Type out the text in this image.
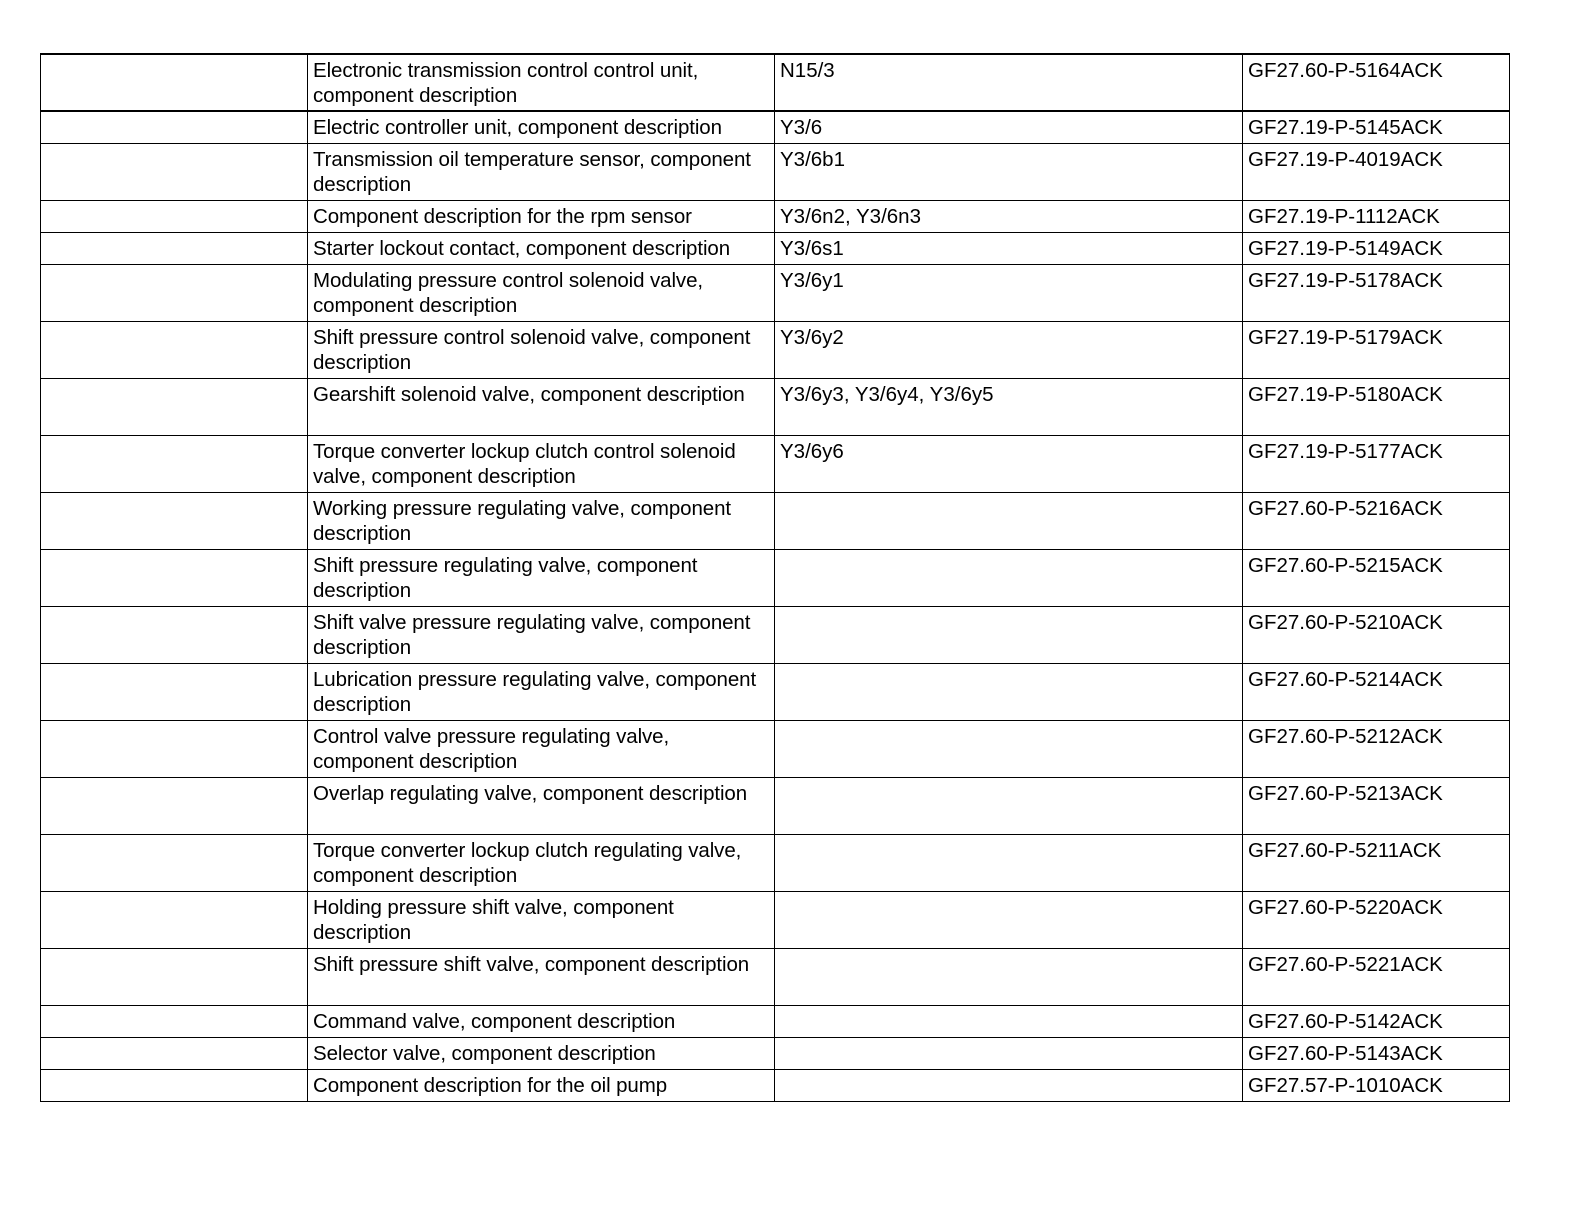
	Electronic transmission control control unit, component description	N15/3	GF27.60-P-5164ACK
	Electric controller unit, component description	Y3/6	GF27.19-P-5145ACK
	Transmission oil temperature sensor, component description	Y3/6b1	GF27.19-P-4019ACK
	Component description for the rpm sensor	Y3/6n2, Y3/6n3	GF27.19-P-1112ACK
	Starter lockout contact, component description	Y3/6s1	GF27.19-P-5149ACK
	Modulating pressure control solenoid valve, component description	Y3/6y1	GF27.19-P-5178ACK
	Shift pressure control solenoid valve, component description	Y3/6y2	GF27.19-P-5179ACK
	Gearshift solenoid valve, component description	Y3/6y3, Y3/6y4, Y3/6y5	GF27.19-P-5180ACK
	Torque converter lockup clutch control solenoid valve, component description	Y3/6y6	GF27.19-P-5177ACK
	Working pressure regulating valve, component description		GF27.60-P-5216ACK
	Shift pressure regulating valve, component description		GF27.60-P-5215ACK
	Shift valve pressure regulating valve, component description		GF27.60-P-5210ACK
	Lubrication pressure regulating valve, component description		GF27.60-P-5214ACK
	Control valve pressure regulating valve, component description		GF27.60-P-5212ACK
	Overlap regulating valve, component description		GF27.60-P-5213ACK
	Torque converter lockup clutch regulating valve, component description		GF27.60-P-5211ACK
	Holding pressure shift valve, component description		GF27.60-P-5220ACK
	Shift pressure shift valve, component description		GF27.60-P-5221ACK
	Command valve, component description		GF27.60-P-5142ACK
	Selector valve, component description		GF27.60-P-5143ACK
	Component description for the oil pump		GF27.57-P-1010ACK
